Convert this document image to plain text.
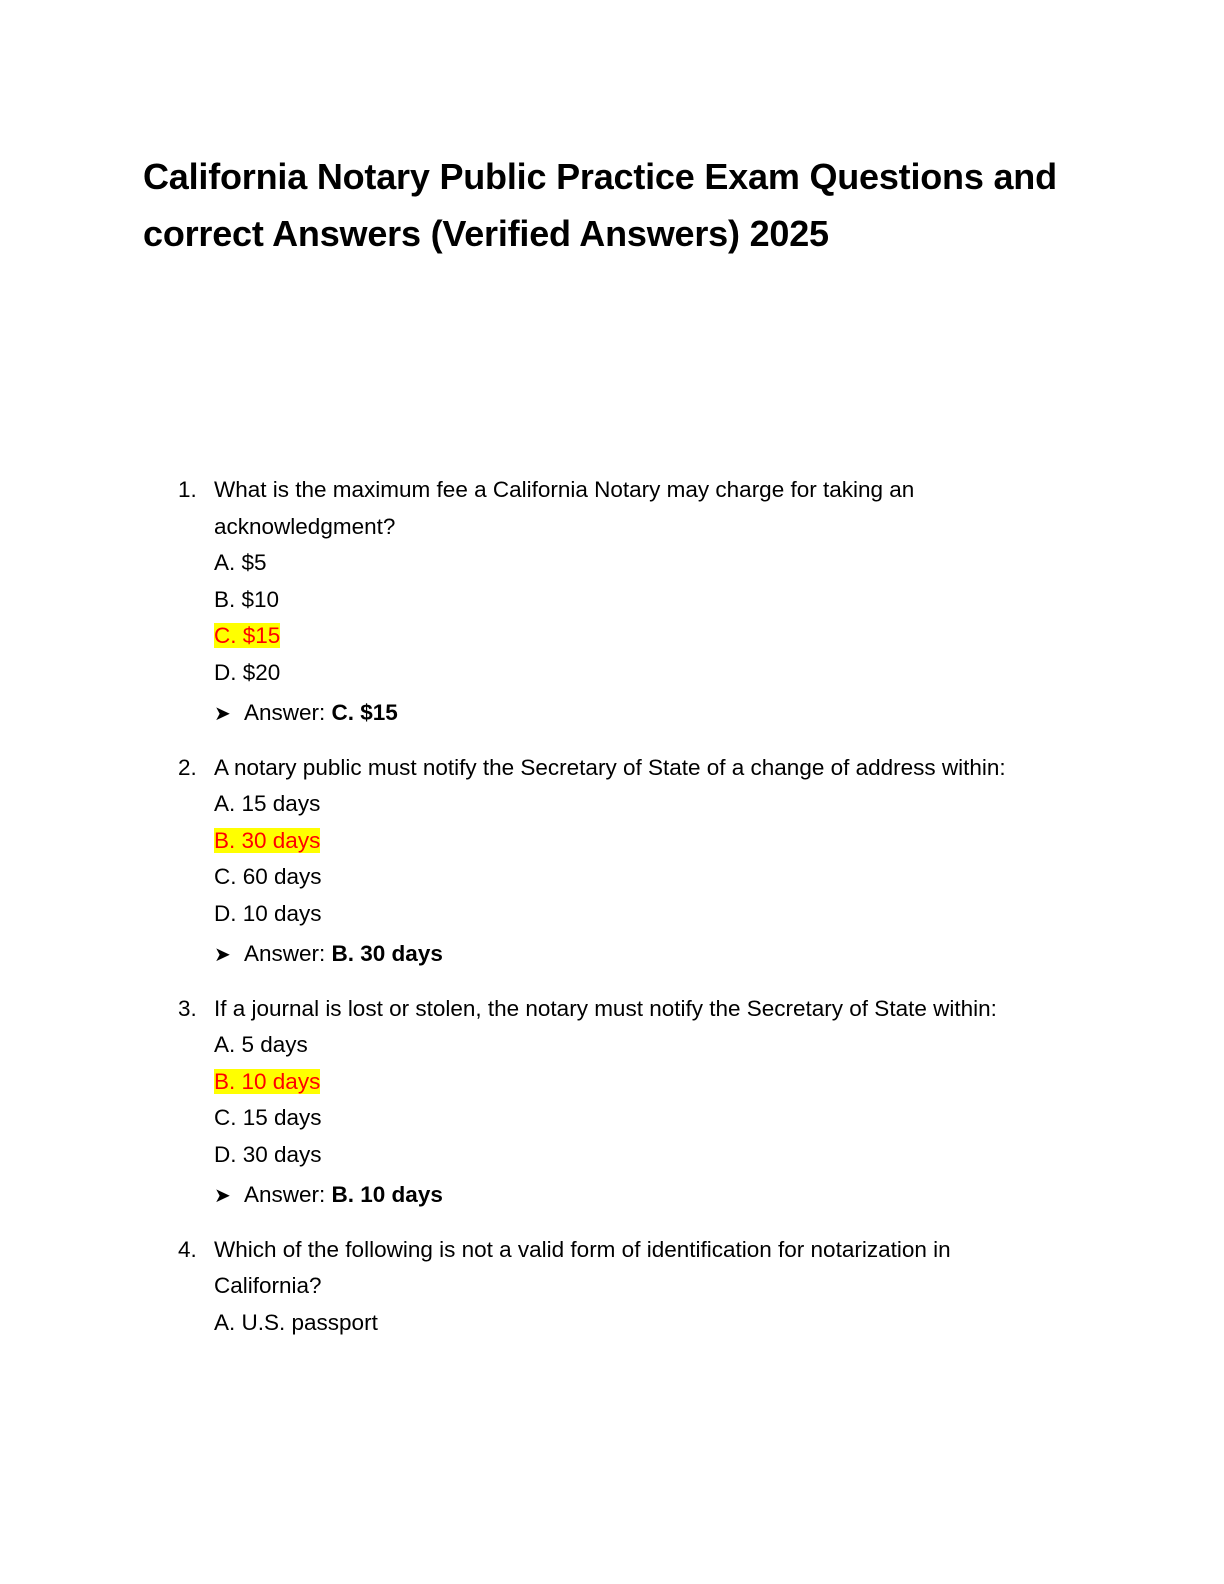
California Notary Public Practice Exam Questions and correct Answers (Verified Answers) 2025
1. What is the maximum fee a California Notary may charge for taking an acknowledgment?
A. $5
B. $10
C. $15
D. $20
➤ Answer: C. $15
2. A notary public must notify the Secretary of State of a change of address within:
A. 15 days
B. 30 days
C. 60 days
D. 10 days
➤ Answer: B. 30 days
3. If a journal is lost or stolen, the notary must notify the Secretary of State within:
A. 5 days
B. 10 days
C. 15 days
D. 30 days
➤ Answer: B. 10 days
4. Which of the following is not a valid form of identification for notarization in California?
A. U.S. passport
